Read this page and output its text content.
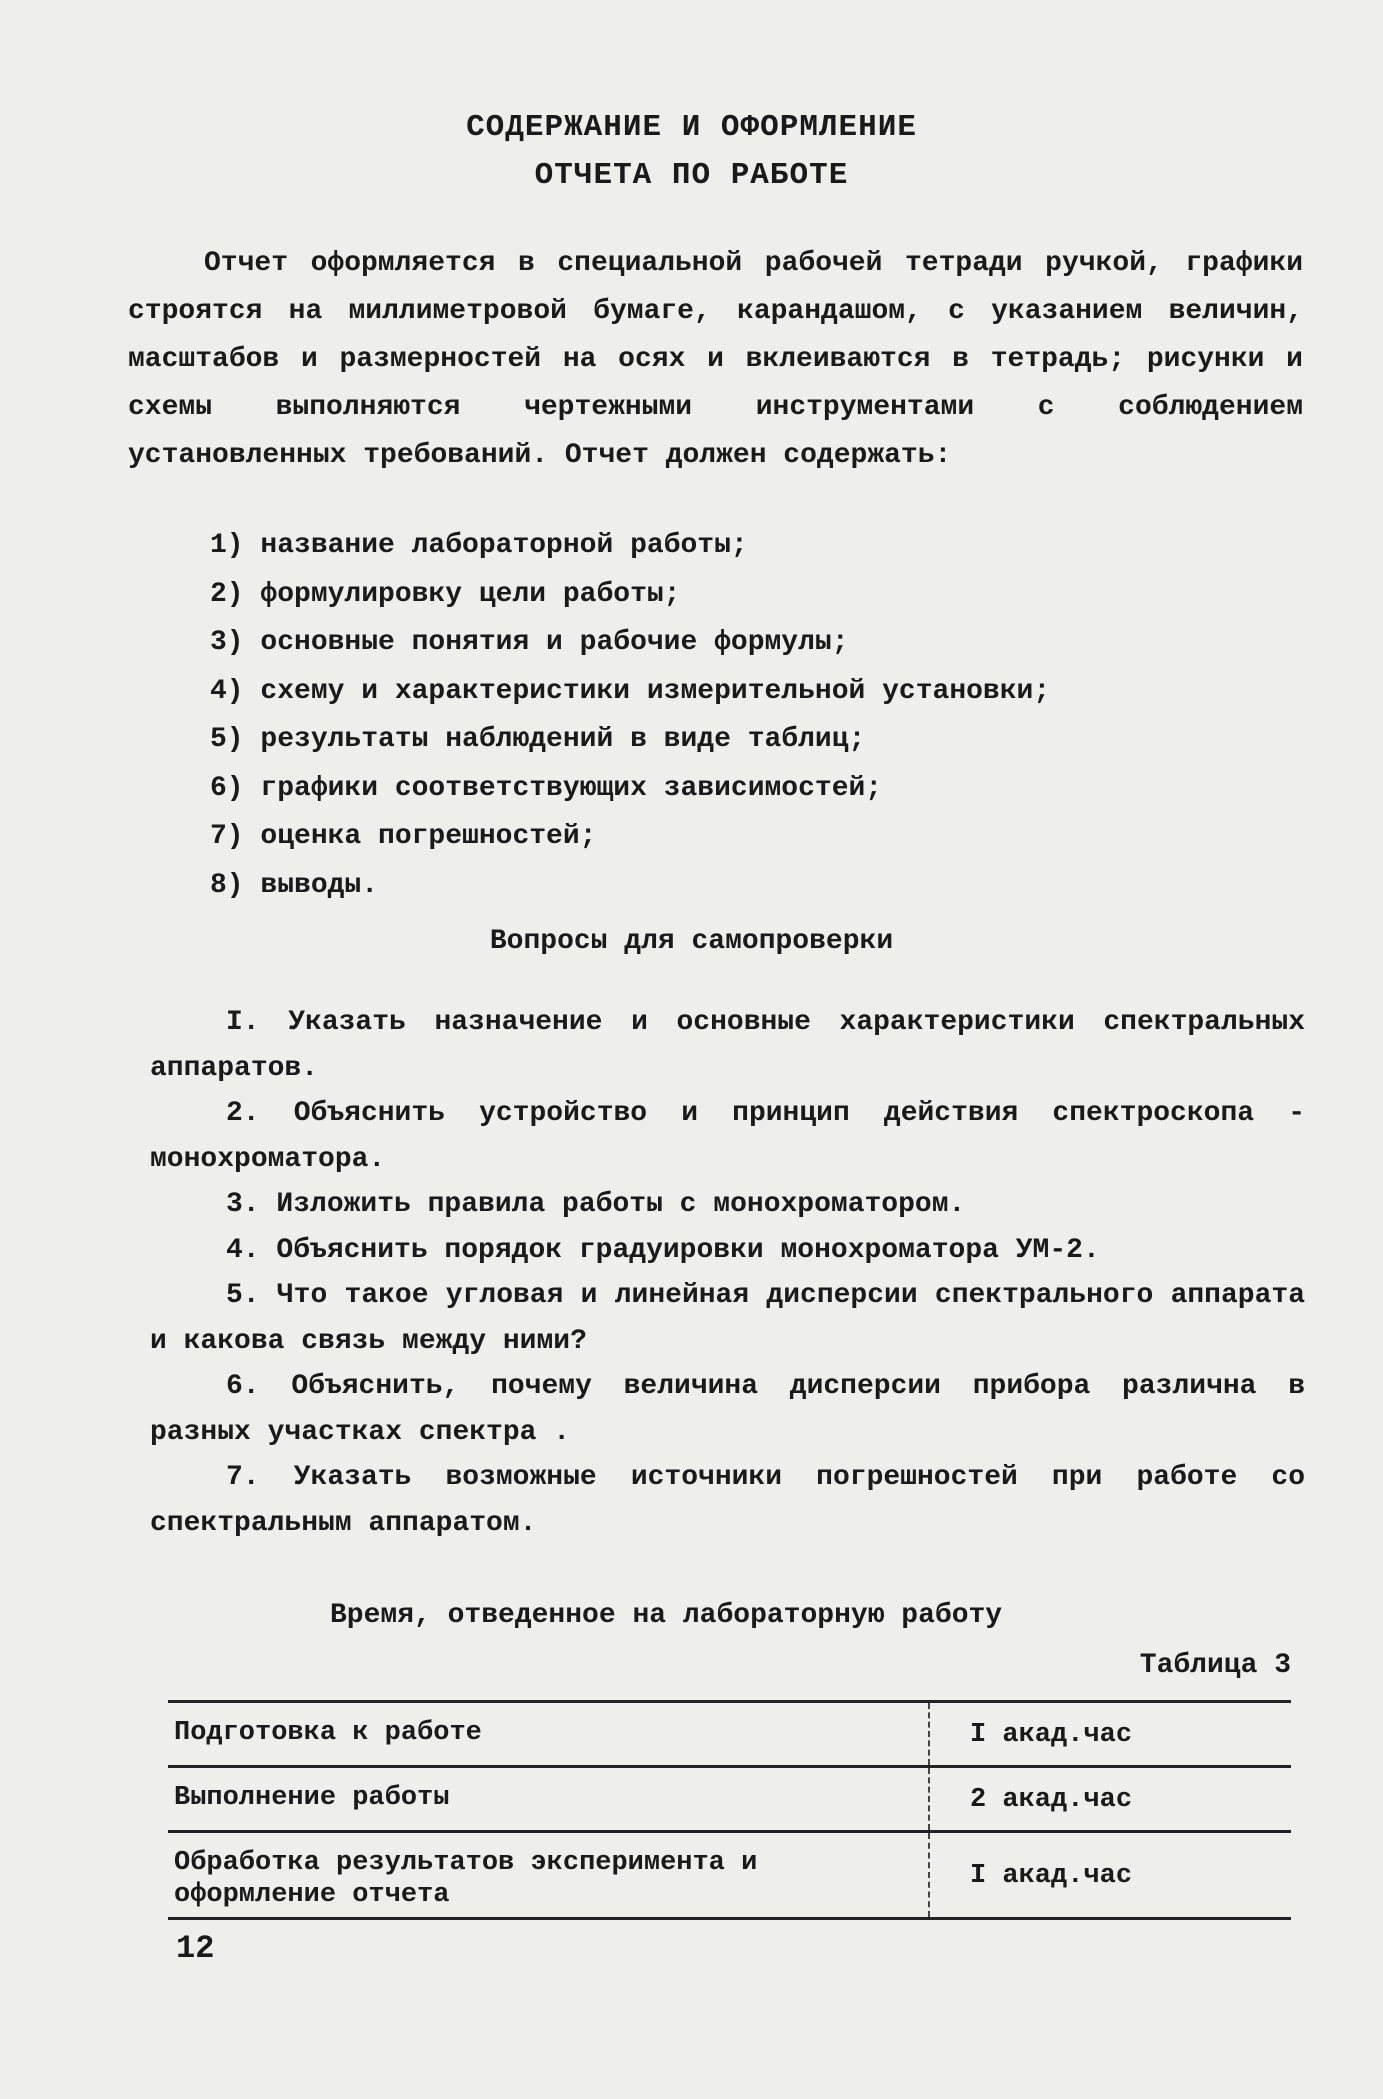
СОДЕРЖАНИЕ И ОФОРМЛЕНИЕ
ОТЧЕТА ПО РАБОТЕ
Отчет оформляется в специальной рабочей тетради ручкой, графики строятся на миллиметровой бумаге, карандашом, с указанием величин, масштабов и размерностей на осях и вклеиваются в тетрадь; рисунки и схемы выполняются чертежными инструментами с соблюдением установленных требований. Отчет должен содержать:
1) название лабораторной работы;
2) формулировку цели работы;
3) основные понятия и рабочие формулы;
4) схему и характеристики измерительной установки;
5) результаты наблюдений в виде таблиц;
6) графики соответствующих зависимостей;
7) оценка погрешностей;
8) выводы.
Вопросы для самопроверки

I. Указать назначение и основные характеристики спектральных аппаратов.

2. Объяснить устройство и принцип действия спектроскопа - монохроматора.

3. Изложить правила работы с монохроматором.

4. Объяснить порядок градуировки монохроматора УМ-2.

5. Что такое угловая и линейная дисперсии спектрального аппарата и какова связь между ними?

6. Объяснить, почему величина дисперсии прибора различна в разных участках спектра .

7. Указать возможные источники погрешностей при работе со спектральным аппаратом.

Время, отведенное на лабораторную работу
Таблица 3
Подготовка к работе	I акад.час
Выполнение работы	2 акад.час
Обработка результатов эксперимента и оформление отчета
I акад.час
12
